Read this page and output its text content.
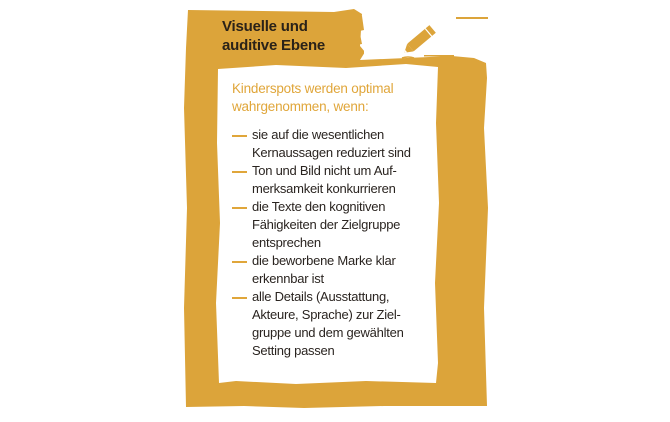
Visuelle und
auditive Ebene

Kinderspots werden optimal wahrgenommen, wenn:

sie auf die wesentlichen
Kernaussagen reduziert sind
Ton und Bild nicht um Auf-
merksamkeit konkurrieren
die Texte den kognitiven
Fähigkeiten der Zielgruppe
entsprechen
die beworbene Marke klar
erkennbar ist
alle Details (Ausstattung,
Akteure, Sprache) zur Ziel-
gruppe und dem gewählten
Setting passen
